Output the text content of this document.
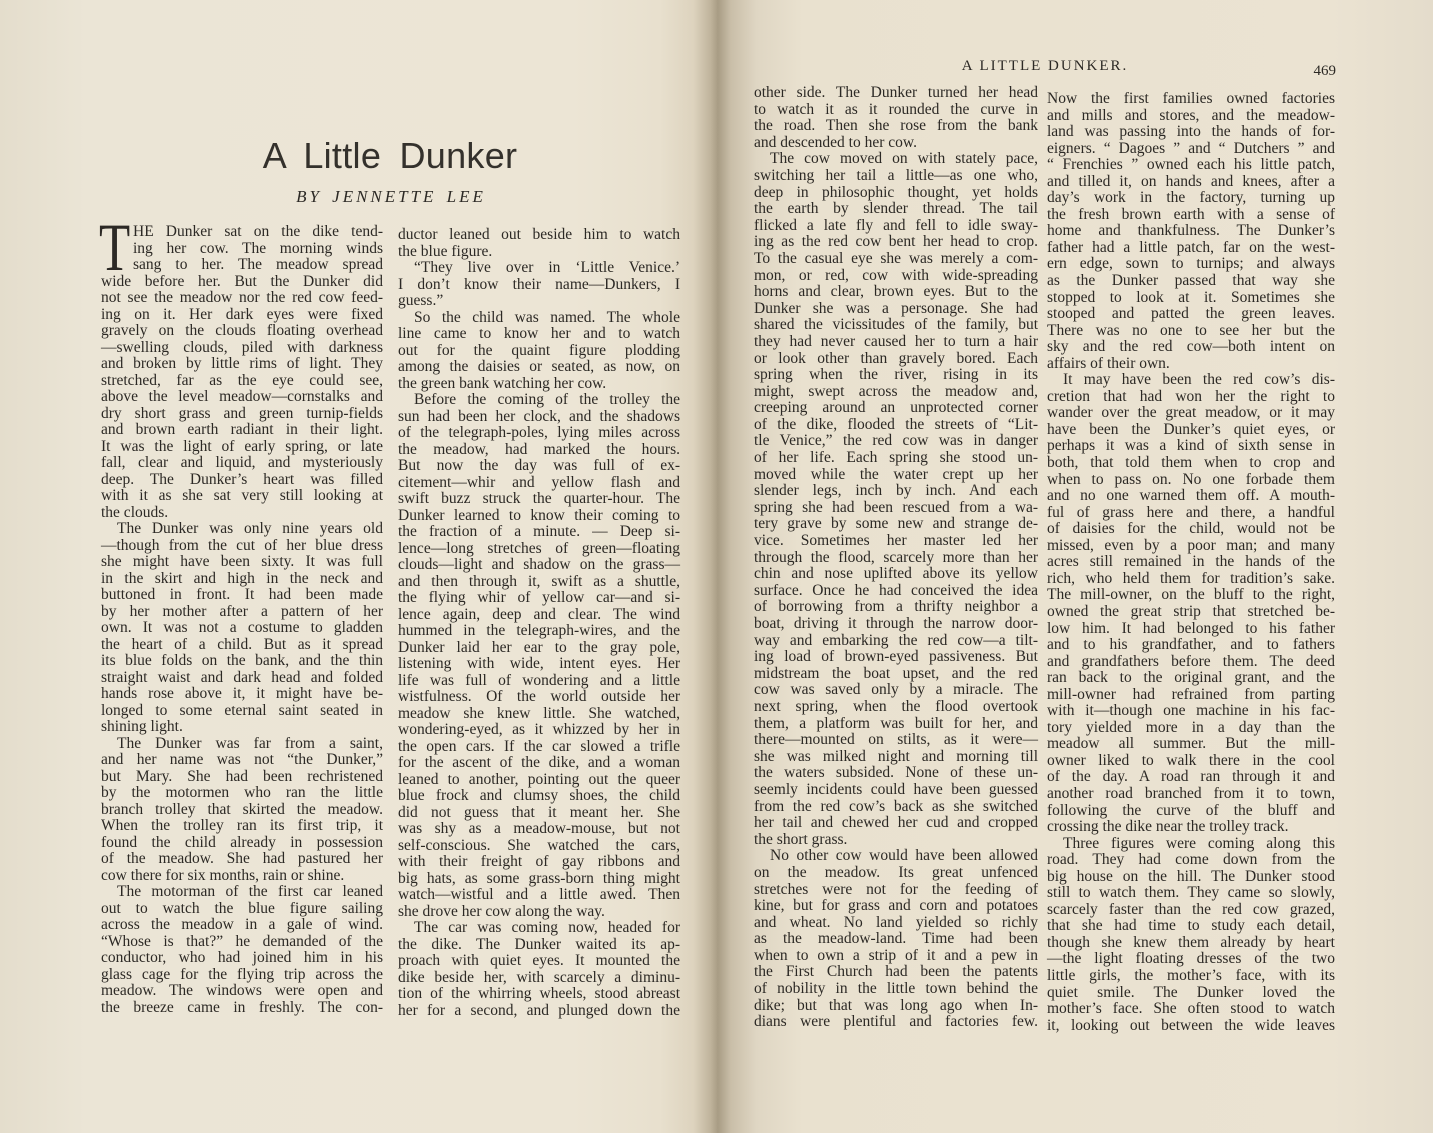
A Little Dunker
BY JENNETTE LEE
T HE Dunker sat on the dike tend-
ing her cow. The morning winds
sang to her. The meadow spread
wide before her. But the Dunker did
not see the meadow nor the red cow feed-
ing on it. Her dark eyes were fixed
gravely on the clouds floating overhead
—swelling clouds, piled with darkness
and broken by little rims of light. They
stretched, far as the eye could see,
above the level meadow—cornstalks and
dry short grass and green turnip-fields
and brown earth radiant in their light.
It was the light of early spring, or late
fall, clear and liquid, and mysteriously
deep. The Dunker’s heart was filled
with it as she sat very still looking at
the clouds.
The Dunker was only nine years old
—though from the cut of her blue dress
she might have been sixty. It was full
in the skirt and high in the neck and
buttoned in front. It had been made
by her mother after a pattern of her
own. It was not a costume to gladden
the heart of a child. But as it spread
its blue folds on the bank, and the thin
straight waist and dark head and folded
hands rose above it, it might have be-
longed to some eternal saint seated in
shining light.
The Dunker was far from a saint,
and her name was not “the Dunker,”
but Mary. She had been rechristened
by the motormen who ran the little
branch trolley that skirted the meadow.
When the trolley ran its first trip, it
found the child already in possession
of the meadow. She had pastured her
cow there for six months, rain or shine.
The motorman of the first car leaned
out to watch the blue figure sailing
across the meadow in a gale of wind.
“Whose is that?” he demanded of the
conductor, who had joined him in his
glass cage for the flying trip across the
meadow. The windows were open and
the breeze came in freshly. The con-
ductor leaned out beside him to watch
the blue figure.
“They live over in ‘Little Venice.’
I don’t know their name—Dunkers, I
guess.”
So the child was named. The whole
line came to know her and to watch
out for the quaint figure plodding
among the daisies or seated, as now, on
the green bank watching her cow.
Before the coming of the trolley the
sun had been her clock, and the shadows
of the telegraph-poles, lying miles across
the meadow, had marked the hours.
But now the day was full of ex-
citement—whir and yellow flash and
swift buzz struck the quarter-hour. The
Dunker learned to know their coming to
the fraction of a minute. — Deep si-
lence—long stretches of green—floating
clouds—light and shadow on the grass—
and then through it, swift as a shuttle,
the flying whir of yellow car—and si-
lence again, deep and clear. The wind
hummed in the telegraph-wires, and the
Dunker laid her ear to the gray pole,
listening with wide, intent eyes. Her
life was full of wondering and a little
wistfulness. Of the world outside her
meadow she knew little. She watched,
wondering-eyed, as it whizzed by her in
the open cars. If the car slowed a trifle
for the ascent of the dike, and a woman
leaned to another, pointing out the queer
blue frock and clumsy shoes, the child
did not guess that it meant her. She
was shy as a meadow-mouse, but not
self-conscious. She watched the cars,
with their freight of gay ribbons and
big hats, as some grass-born thing might
watch—wistful and a little awed. Then
she drove her cow along the way.
The car was coming now, headed for
the dike. The Dunker waited its ap-
proach with quiet eyes. It mounted the
dike beside her, with scarcely a diminu-
tion of the whirring wheels, stood abreast
her for a second, and plunged down the
A LITTLE DUNKER.	469
other side. The Dunker turned her head
to watch it as it rounded the curve in
the road. Then she rose from the bank
and descended to her cow.
The cow moved on with stately pace,
switching her tail a little—as one who,
deep in philosophic thought, yet holds
the earth by slender thread. The tail
flicked a late fly and fell to idle sway-
ing as the red cow bent her head to crop.
To the casual eye she was merely a com-
mon, or red, cow with wide-spreading
horns and clear, brown eyes. But to the
Dunker she was a personage. She had
shared the vicissitudes of the family, but
they had never caused her to turn a hair
or look other than gravely bored. Each
spring when the river, rising in its
might, swept across the meadow and,
creeping around an unprotected corner
of the dike, flooded the streets of “Lit-
tle Venice,” the red cow was in danger
of her life. Each spring she stood un-
moved while the water crept up her
slender legs, inch by inch. And each
spring she had been rescued from a wa-
tery grave by some new and strange de-
vice. Sometimes her master led her
through the flood, scarcely more than her
chin and nose uplifted above its yellow
surface. Once he had conceived the idea
of borrowing from a thrifty neighbor a
boat, driving it through the narrow door-
way and embarking the red cow—a tilt-
ing load of brown-eyed passiveness. But
midstream the boat upset, and the red
cow was saved only by a miracle. The
next spring, when the flood overtook
them, a platform was built for her, and
there—mounted on stilts, as it were—
she was milked night and morning till
the waters subsided. None of these un-
seemly incidents could have been guessed
from the red cow’s back as she switched
her tail and chewed her cud and cropped
the short grass.
No other cow would have been allowed
on the meadow. Its great unfenced
stretches were not for the feeding of
kine, but for grass and corn and potatoes
and wheat. No land yielded so richly
as the meadow-land. Time had been
when to own a strip of it and a pew in
the First Church had been the patents
of nobility in the little town behind the
dike; but that was long ago when In-
dians were plentiful and factories few.
Now the first families owned factories
and mills and stores, and the meadow-
land was passing into the hands of for-
eigners. “ Dagoes ” and “ Dutchers ” and
“ Frenchies ” owned each his little patch,
and tilled it, on hands and knees, after a
day’s work in the factory, turning up
the fresh brown earth with a sense of
home and thankfulness. The Dunker’s
father had a little patch, far on the west-
ern edge, sown to turnips; and always
as the Dunker passed that way she
stopped to look at it. Sometimes she
stooped and patted the green leaves.
There was no one to see her but the
sky and the red cow—both intent on
affairs of their own.
It may have been the red cow’s dis-
cretion that had won her the right to
wander over the great meadow, or it may
have been the Dunker’s quiet eyes, or
perhaps it was a kind of sixth sense in
both, that told them when to crop and
when to pass on. No one forbade them
and no one warned them off. A mouth-
ful of grass here and there, a handful
of daisies for the child, would not be
missed, even by a poor man; and many
acres still remained in the hands of the
rich, who held them for tradition’s sake.
The mill-owner, on the bluff to the right,
owned the great strip that stretched be-
low him. It had belonged to his father
and to his grandfather, and to fathers
and grandfathers before them. The deed
ran back to the original grant, and the
mill-owner had refrained from parting
with it—though one machine in his fac-
tory yielded more in a day than the
meadow all summer. But the mill-
owner liked to walk there in the cool
of the day. A road ran through it and
another road branched from it to town,
following the curve of the bluff and
crossing the dike near the trolley track.
Three figures were coming along this
road. They had come down from the
big house on the hill. The Dunker stood
still to watch them. They came so slowly,
scarcely faster than the red cow grazed,
that she had time to study each detail,
though she knew them already by heart
—the light floating dresses of the two
little girls, the mother’s face, with its
quiet smile. The Dunker loved the
mother’s face. She often stood to watch
it, looking out between the wide leaves
